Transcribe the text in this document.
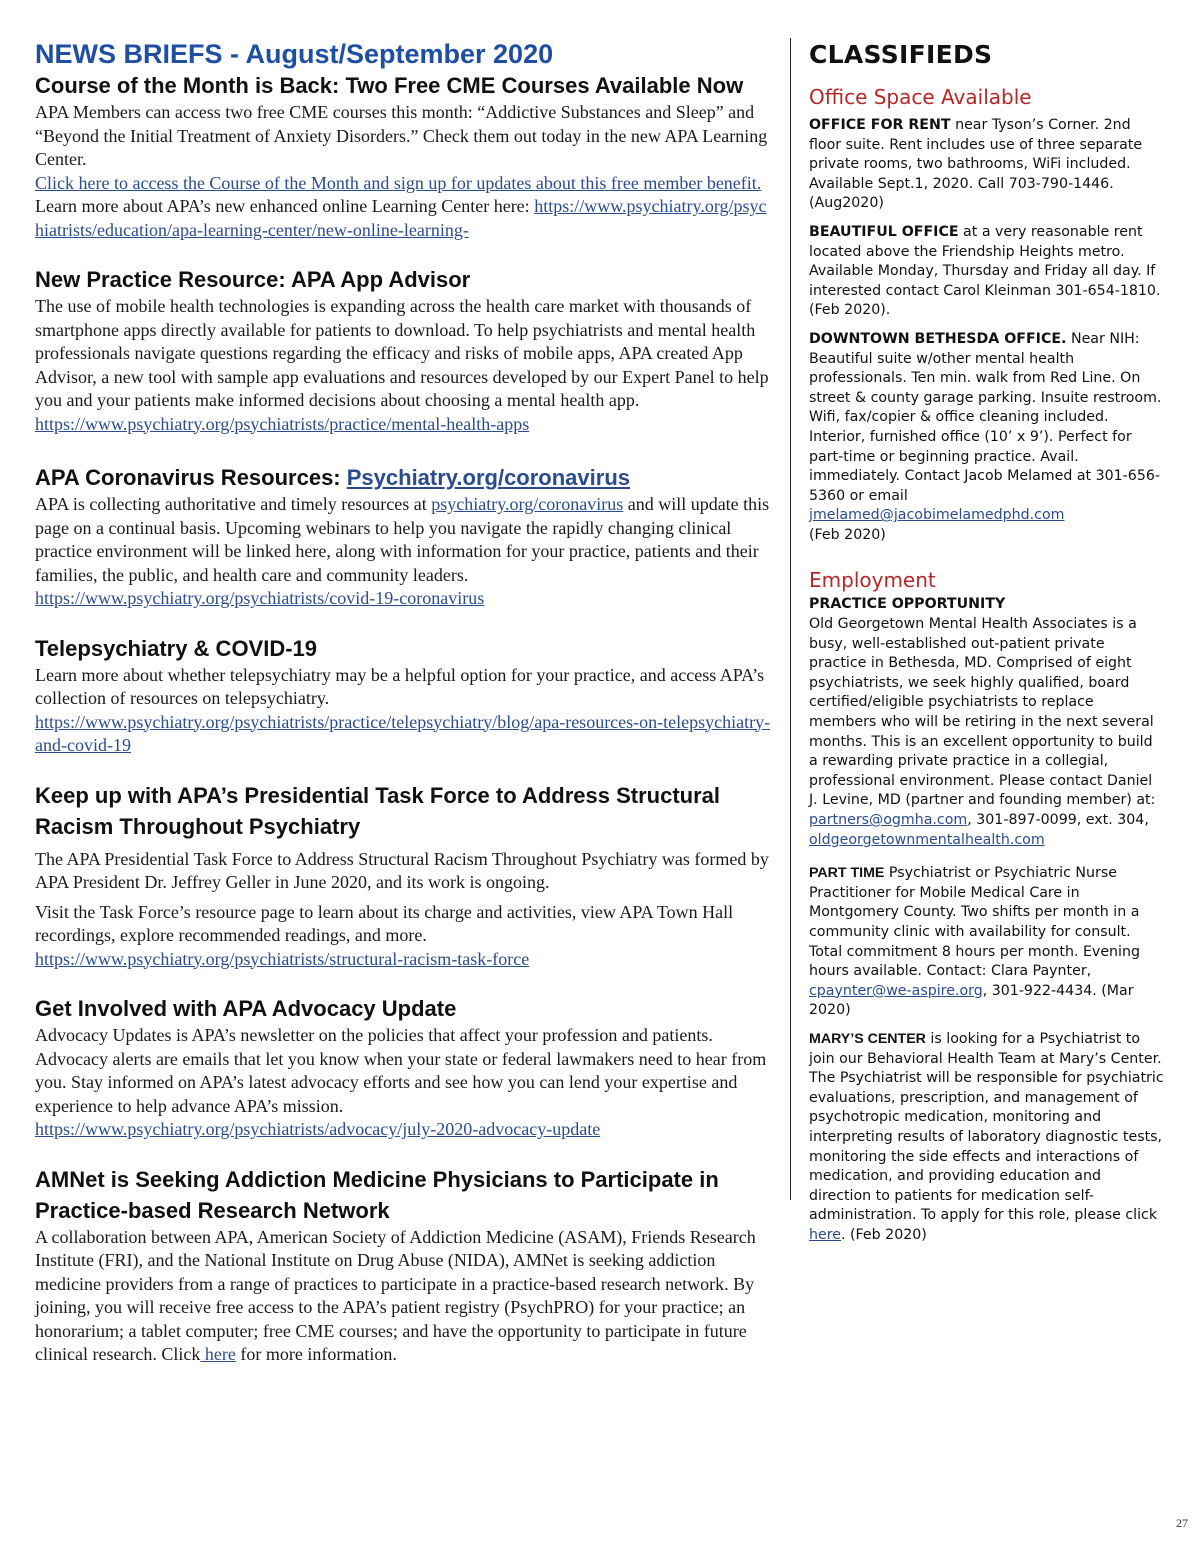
NEWS BRIEFS - August/September 2020
Course of the Month is Back: Two Free CME Courses Available Now

APA Members can access two free CME courses this month: “Addictive Substances and Sleep” and “Beyond the Initial Treatment of Anxiety Disorders.” Check them out today in the new APA Learning Center.

Click here to access the Course of the Month and sign up for updates about this free member benefit.

Learn more about APA’s new enhanced online Learning Center here: https://www.psychiatry.org/psychiatrists/education/apa-learning-center/new-online-learning-

New Practice Resource: APA App Advisor

The use of mobile health technologies is expanding across the health care market with thousands of smartphone apps directly available for patients to download. To help psychiatrists and mental health professionals navigate questions regarding the efficacy and risks of mobile apps, APA created App Advisor, a new tool with sample app evaluations and resources developed by our Expert Panel to help you and your patients make informed decisions about choosing a mental health app.

https://www.psychiatry.org/psychiatrists/practice/mental-health-apps
APA Coronavirus Resources: Psychiatry.org/coronavirus

APA is collecting authoritative and timely resources at psychiatry.org/coronavirus and will update this page on a continual basis. Upcoming webinars to help you navigate the rapidly changing clinical practice environment will be linked here, along with information for your practice, patients and their families, the public, and health care and community leaders.

https://www.psychiatry.org/psychiatrists/covid-19-coronavirus
Telepsychiatry & COVID-19

Learn more about whether telepsychiatry may be a helpful option for your practice, and access APA’s collection of resources on telepsychiatry.

https://www.psychiatry.org/psychiatrists/practice/telepsychiatry/blog/apa-resources-on-telepsychiatry-and-covid-19
Keep up with APA’s Presidential Task Force to Address Structural Racism Throughout Psychiatry

The APA Presidential Task Force to Address Structural Racism Throughout Psychiatry was formed by APA President Dr. Jeffrey Geller in June 2020, and its work is ongoing.

Visit the Task Force’s resource page to learn about its charge and activities, view APA Town Hall recordings, explore recommended readings, and more.

https://www.psychiatry.org/psychiatrists/structural-racism-task-force
Get Involved with APA Advocacy Update

Advocacy Updates is APA’s newsletter on the policies that affect your profession and patients. Advocacy alerts are emails that let you know when your state or federal lawmakers need to hear from you. Stay informed on APA’s latest advocacy efforts and see how you can lend your expertise and experience to help advance APA’s mission.

https://www.psychiatry.org/psychiatrists/advocacy/july-2020-advocacy-update
AMNet is Seeking Addiction Medicine Physicians to Participate in Practice-based Research Network

A collaboration between APA, American Society of Addiction Medicine (ASAM), Friends Research Institute (FRI), and the National Institute on Drug Abuse (NIDA), AMNet is seeking addiction medicine providers from a range of practices to participate in a practice-based research network. By joining, you will receive free access to the APA’s patient registry (PsychPRO) for your practice; an honorarium; a tablet computer; free CME courses; and have the opportunity to participate in future clinical research. Click here for more information.

CLASSIFIEDS
Office Space Available

OFFICE FOR RENT near Tyson’s Corner. 2nd floor suite. Rent includes use of three separate private rooms, two bathrooms, WiFi included. Available Sept.1, 2020. Call 703-790-1446. (Aug2020)

BEAUTIFUL OFFICE at a very reasonable rent located above the Friendship Heights metro. Available Monday, Thursday and Friday all day. If interested contact Carol Kleinman 301-654-1810. (Feb 2020).

DOWNTOWN BETHESDA OFFICE. Near NIH: Beautiful suite w/other mental health professionals. Ten min. walk from Red Line. On street & county garage parking. Insuite restroom. Wifi, fax/copier & office cleaning included. Interior, furnished office (10’ x 9’). Perfect for part-time or beginning practice. Avail. immediately. Contact Jacob Melamed at 301-656-5360 or email jmelamed@jacobimelamedphd.com
(Feb 2020)

Employment

PRACTICE OPPORTUNITY
Old Georgetown Mental Health Associates is a busy, well-established out-patient private practice in Bethesda, MD. Comprised of eight psychiatrists, we seek highly qualified, board certified/eligible psychiatrists to replace members who will be retiring in the next several months. This is an excellent opportunity to build a rewarding private practice in a collegial, professional environment. Please contact Daniel J. Levine, MD (partner and founding member) at: partners@ogmha.com, 301-897-0099, ext. 304, oldgeorgetownmentalhealth.com

PART TIME Psychiatrist or Psychiatric Nurse Practitioner for Mobile Medical Care in Montgomery County. Two shifts per month in a community clinic with availability for consult. Total commitment 8 hours per month. Evening hours available. Contact: Clara Paynter, cpaynter@we-aspire.org, 301-922-4434. (Mar 2020)

MARY’S CENTER is looking for a Psychiatrist to join our Behavioral Health Team at Mary’s Center. The Psychiatrist will be responsible for psychiatric evaluations, prescription, and management of psychotropic medication, monitoring and interpreting results of laboratory diagnostic tests, monitoring the side effects and interactions of medication, and providing education and direction to patients for medication self-administration. To apply for this role, please click here. (Feb 2020)

27
